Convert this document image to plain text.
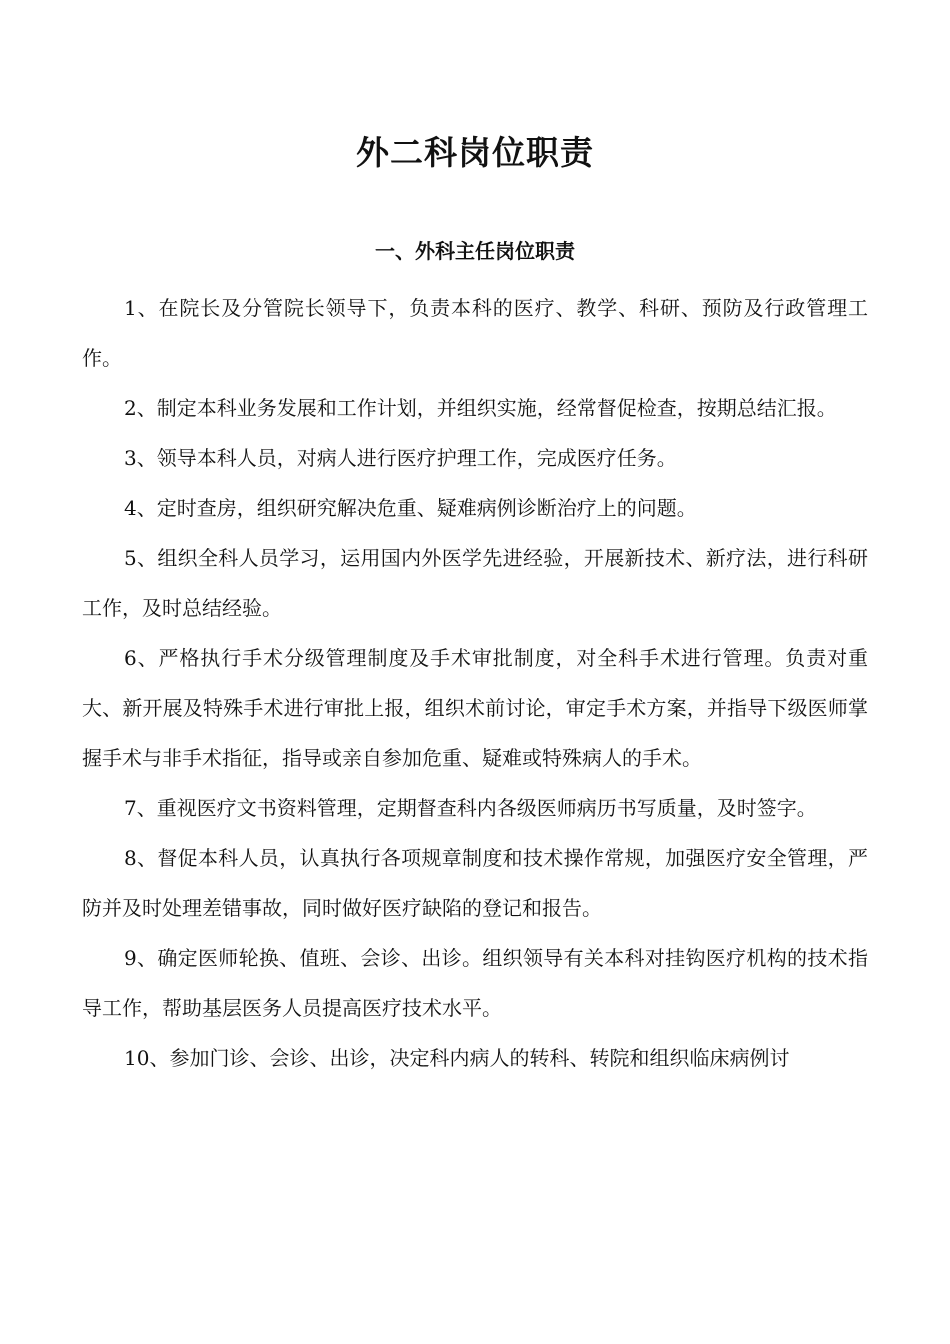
外二科岗位职责
一、外科主任岗位职责

1、在院长及分管院长领导下，负责本科的医疗、教学、科研、预防及行政管理工作。

2、制定本科业务发展和工作计划，并组织实施，经常督促检查，按期总结汇报。

3、领导本科人员，对病人进行医疗护理工作，完成医疗任务。

4、定时查房，组织研究解决危重、疑难病例诊断治疗上的问题。

5、组织全科人员学习，运用国内外医学先进经验，开展新技术、新疗法，进行科研工作，及时总结经验。

6、严格执行手术分级管理制度及手术审批制度，对全科手术进行管理。负责对重大、新开展及特殊手术进行审批上报，组织术前讨论，审定手术方案，并指导下级医师掌握手术与非手术指征，指导或亲自参加危重、疑难或特殊病人的手术。

7、重视医疗文书资料管理，定期督查科内各级医师病历书写质量，及时签字。

8、督促本科人员，认真执行各项规章制度和技术操作常规，加强医疗安全管理，严防并及时处理差错事故，同时做好医疗缺陷的登记和报告。

9、确定医师轮换、值班、会诊、出诊。组织领导有关本科对挂钩医疗机构的技术指导工作，帮助基层医务人员提高医疗技术水平。

10、参加门诊、会诊、出诊，决定科内病人的转科、转院和组织临床病例讨
